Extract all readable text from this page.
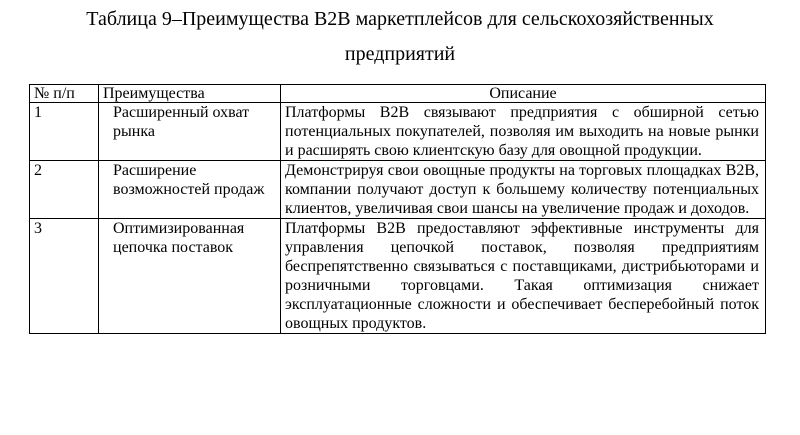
Таблица 9–Преимущества B2B маркетплейсов для сельскохозяйственных
предприятий
№ п/п	Преимущества	Описание
1	Расширенный охват рынка	Платформы B2B связывают предприятия с обширной сетью потенциальных покупателей, позволяя им выходить на новые рынки и расширять свою клиентскую базу для овощной продукции.
2	Расширение возможностей продаж	Демонстрируя свои овощные продукты на торговых площадках B2B, компании получают доступ к большему количеству потенциальных клиентов, увеличивая свои шансы на увеличение продаж и доходов.
3	Оптимизированная цепочка поставок	Платформы B2B предоставляют эффективные инструменты для управления цепочкой поставок, позволяя предприятиям беспрепятственно связываться с поставщиками, дистрибьюторами и розничными торговцами. Такая оптимизация снижает эксплуатационные сложности и обеспечивает бесперебойный поток овощных продуктов.
